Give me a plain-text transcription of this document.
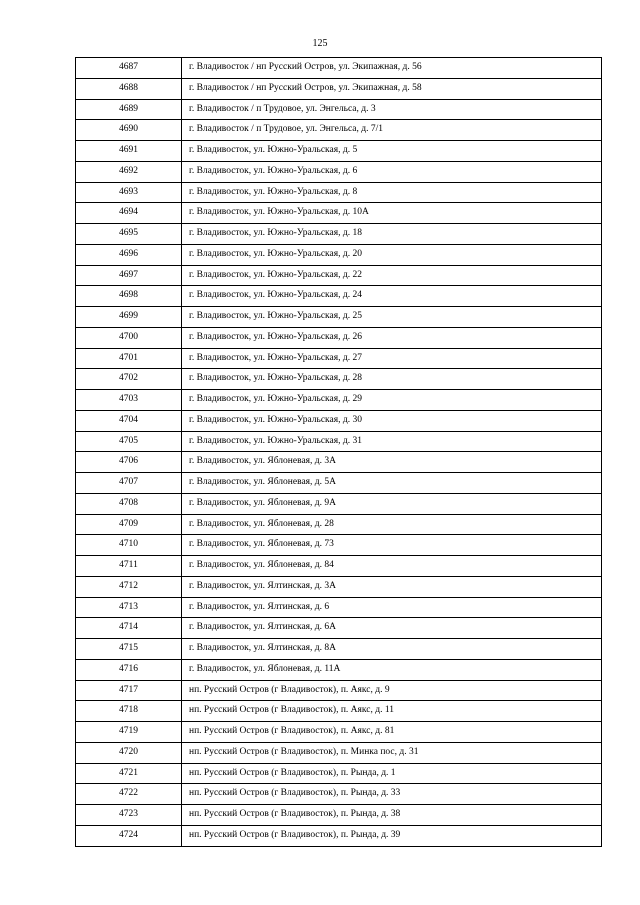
125
4687	г. Владивосток / нп Русский Остров, ул. Экипажная, д. 56
4688	г. Владивосток / нп Русский Остров, ул. Экипажная, д. 58
4689	г. Владивосток / п Трудовое, ул. Энгельса, д. 3
4690	г. Владивосток / п Трудовое, ул. Энгельса, д. 7/1
4691	г. Владивосток, ул. Южно-Уральская, д. 5
4692	г. Владивосток, ул. Южно-Уральская, д. 6
4693	г. Владивосток, ул. Южно-Уральская, д. 8
4694	г. Владивосток, ул. Южно-Уральская, д. 10А
4695	г. Владивосток, ул. Южно-Уральская, д. 18
4696	г. Владивосток, ул. Южно-Уральская, д. 20
4697	г. Владивосток, ул. Южно-Уральская, д. 22
4698	г. Владивосток, ул. Южно-Уральская, д. 24
4699	г. Владивосток, ул. Южно-Уральская, д. 25
4700	г. Владивосток, ул. Южно-Уральская, д. 26
4701	г. Владивосток, ул. Южно-Уральская, д. 27
4702	г. Владивосток, ул. Южно-Уральская, д. 28
4703	г. Владивосток, ул. Южно-Уральская, д. 29
4704	г. Владивосток, ул. Южно-Уральская, д. 30
4705	г. Владивосток, ул. Южно-Уральская, д. 31
4706	г. Владивосток, ул. Яблоневая, д. 3А
4707	г. Владивосток, ул. Яблоневая, д. 5А
4708	г. Владивосток, ул. Яблоневая, д. 9А
4709	г. Владивосток, ул. Яблоневая, д. 28
4710	г. Владивосток, ул. Яблоневая, д. 73
4711	г. Владивосток, ул. Яблоневая, д. 84
4712	г. Владивосток, ул. Ялтинская, д. 3А
4713	г. Владивосток, ул. Ялтинская, д. 6
4714	г. Владивосток, ул. Ялтинская, д. 6А
4715	г. Владивосток, ул. Ялтинская, д. 8А
4716	г. Владивосток, ул. Яблоневая, д. 11А
4717	нп. Русский Остров (г Владивосток), п. Аякс, д. 9
4718	нп. Русский Остров (г Владивосток), п. Аякс, д. 11
4719	нп. Русский Остров (г Владивосток), п. Аякс, д. 81
4720	нп. Русский Остров (г Владивосток), п. Минка пос, д. 31
4721	нп. Русский Остров (г Владивосток), п. Рында, д. 1
4722	нп. Русский Остров (г Владивосток), п. Рында, д. 33
4723	нп. Русский Остров (г Владивосток), п. Рында, д. 38
4724	нп. Русский Остров (г Владивосток), п. Рында, д. 39
